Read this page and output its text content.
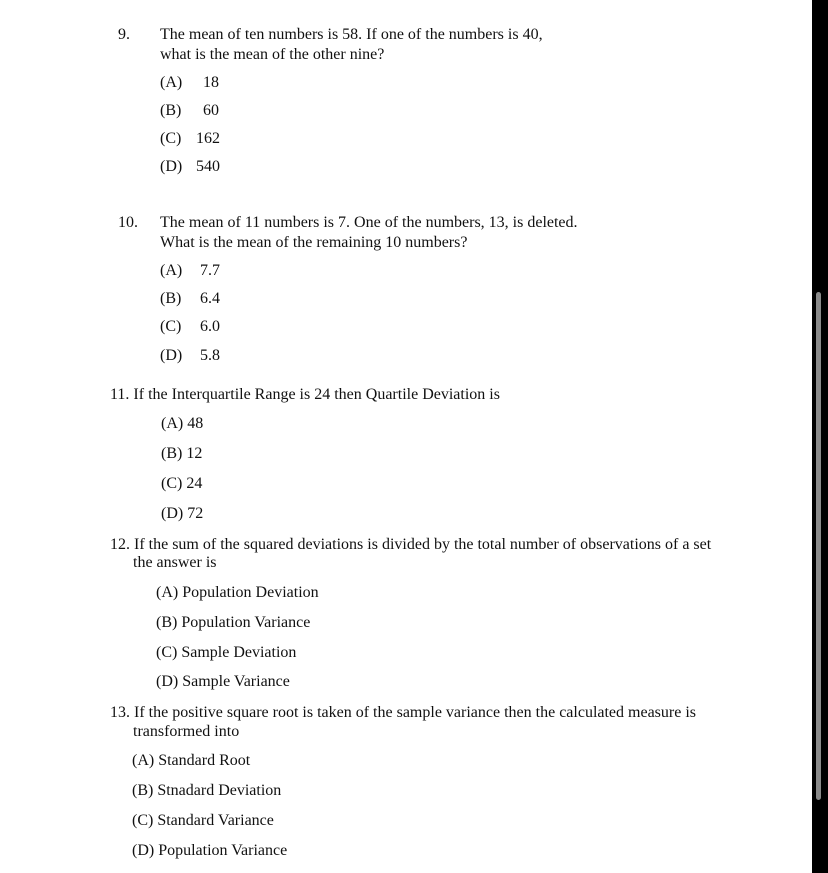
9. The mean of ten numbers is 58. If one of the numbers is 40,
what is the mean of the other nine?
(A) 18
(B) 60
(C) 162
(D) 540
10. The mean of 11 numbers is 7. One of the numbers, 13, is deleted.
What is the mean of the remaining 10 numbers?
(A) 7.7
(B) 6.4
(C) 6.0
(D) 5.8
11. If the Interquartile Range is 24 then Quartile Deviation is
(A) 48
(B) 12
(C) 24
(D) 72
12. If the sum of the squared deviations is divided by the total number of observations of a set
the answer is
(A) Population Deviation
(B) Population Variance
(C) Sample Deviation
(D) Sample Variance
13. If the positive square root is taken of the sample variance then the calculated measure is
transformed into
(A) Standard Root
(B) Stnadard Deviation
(C) Standard Variance
(D) Population Variance
